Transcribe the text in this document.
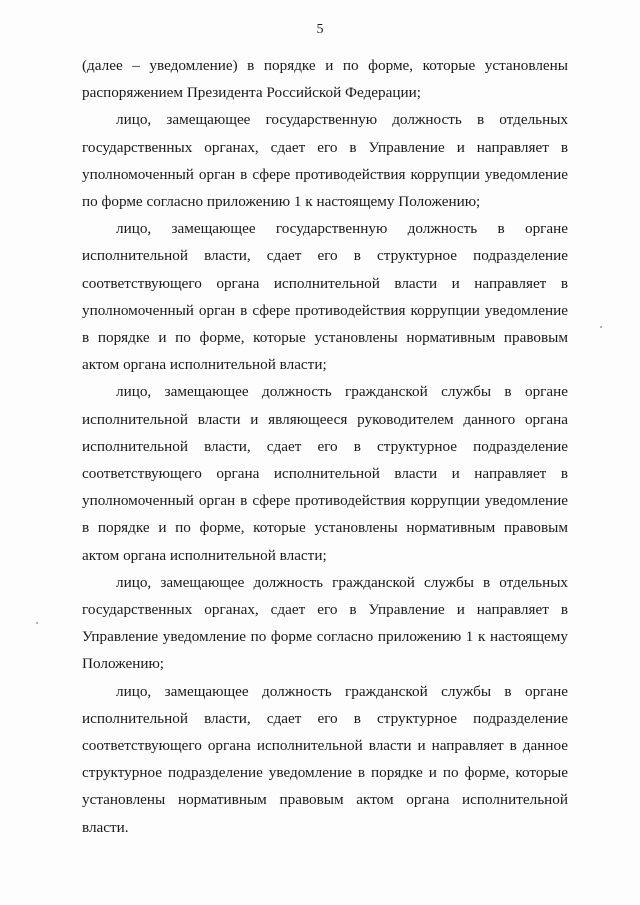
5

(далее – уведомление) в порядке и по форме, которые установлены распоряжением Президента Российской Федерации;

лицо, замещающее государственную должность в отдельных государственных органах, сдает его в Управление и направляет в уполномоченный орган в сфере противодействия коррупции уведомление по форме согласно приложению 1 к настоящему Положению;

лицо, замещающее государственную должность в органе исполнительной власти, сдает его в структурное подразделение соответствующего органа исполнительной власти и направляет в уполномоченный орган в сфере противодействия коррупции уведомление в порядке и по форме, которые установлены нормативным правовым актом органа исполнительной власти;

лицо, замещающее должность гражданской службы в органе исполнительной власти и являющееся руководителем данного органа исполнительной власти, сдает его в структурное подразделение соответствующего органа исполнительной власти и направляет в уполномоченный орган в сфере противодействия коррупции уведомление в порядке и по форме, которые установлены нормативным правовым актом органа исполнительной власти;

лицо, замещающее должность гражданской службы в отдельных государственных органах, сдает его в Управление и направляет в Управление уведомление по форме согласно приложению 1 к настоящему Положению;

лицо, замещающее должность гражданской службы в органе исполнительной власти, сдает его в структурное подразделение соответствующего органа исполнительной власти и направляет в данное структурное подразделение уведомление в порядке и по форме, которые установлены нормативным правовым актом органа исполнительной власти.
